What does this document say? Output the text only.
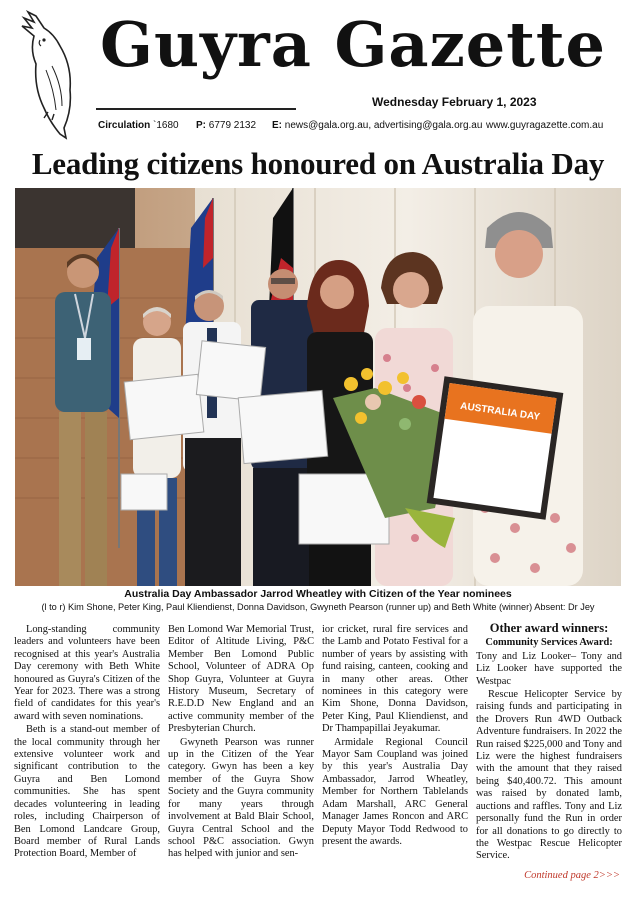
Guyra Gazette
Wednesday February 1, 2023
Circulation `1680 P: 6779 2132 E: news@gala.org.au, advertising@gala.org.au www.guyragazette.com.au
Leading citizens honoured on Australia Day
AUSTRALIA DAY
Australia Day Ambassador Jarrod Wheatley with Citizen of the Year nominees
(l to r) Kim Shone, Peter King, Paul Kliendienst, Donna Davidson, Gwyneth Pearson (runner up) and Beth White (winner) Absent: Dr Jey

Long-standing community leaders and volunteers have been recognised at this year's Australia Day ceremony with Beth White honoured as Guyra's Citizen of the Year for 2023. There was a strong field of candidates for this year's award with seven nominations.

Beth is a stand-out member of the local community through her extensive volunteer work and significant contribution to the Guyra and Ben Lomond communities. She has spent decades volunteering in leading roles, including Chairperson of Ben Lomond Landcare Group, Board member of Rural Lands Protection Board, Member of

Ben Lomond War Memorial Trust, Editor of Altitude Living, P&C Member Ben Lomond Public School, Volunteer of ADRA Op Shop Guyra, Volunteer at Guyra History Museum, Secretary of R.E.D.D New England and an active community member of the Presbyterian Church.

Gwyneth Pearson was runner up in the Citizen of the Year category. Gwyn has been a key member of the Guyra Show Society and the Guyra community for many years through involvement at Bald Blair School, Guyra Central School and the school P&C association. Gwyn has helped with junior and sen-

ior cricket, rural fire services and the Lamb and Potato Festival for a number of years by assisting with fund raising, canteen, cooking and in many other areas. Other nominees in this category were Kim Shone, Donna Davidson, Peter King, Paul Kliendienst, and Dr Thampapillai Jeyakumar.

Armidale Regional Council Mayor Sam Coupland was joined by this year's Australia Day Ambassador, Jarrod Wheatley, Member for Northern Tablelands Adam Marshall, ARC General Manager James Roncon and ARC Deputy Mayor Todd Redwood to present the awards.

Other award winners:

Community Services Award:

Tony and Liz Looker– Tony and Liz Looker have supported the Westpac

Rescue Helicopter Service by raising funds and participating in the Drovers Run 4WD Outback Adventure fundraisers. In 2022 the Run raised $225,000 and Tony and Liz were the highest fundraisers with the amount that they raised being $40,400.72. This amount was raised by donated lamb, auctions and raffles. Tony and Liz personally fund the Run in order for all donations to go directly to the Westpac Rescue Helicopter Service.

Continued page 2>>>
